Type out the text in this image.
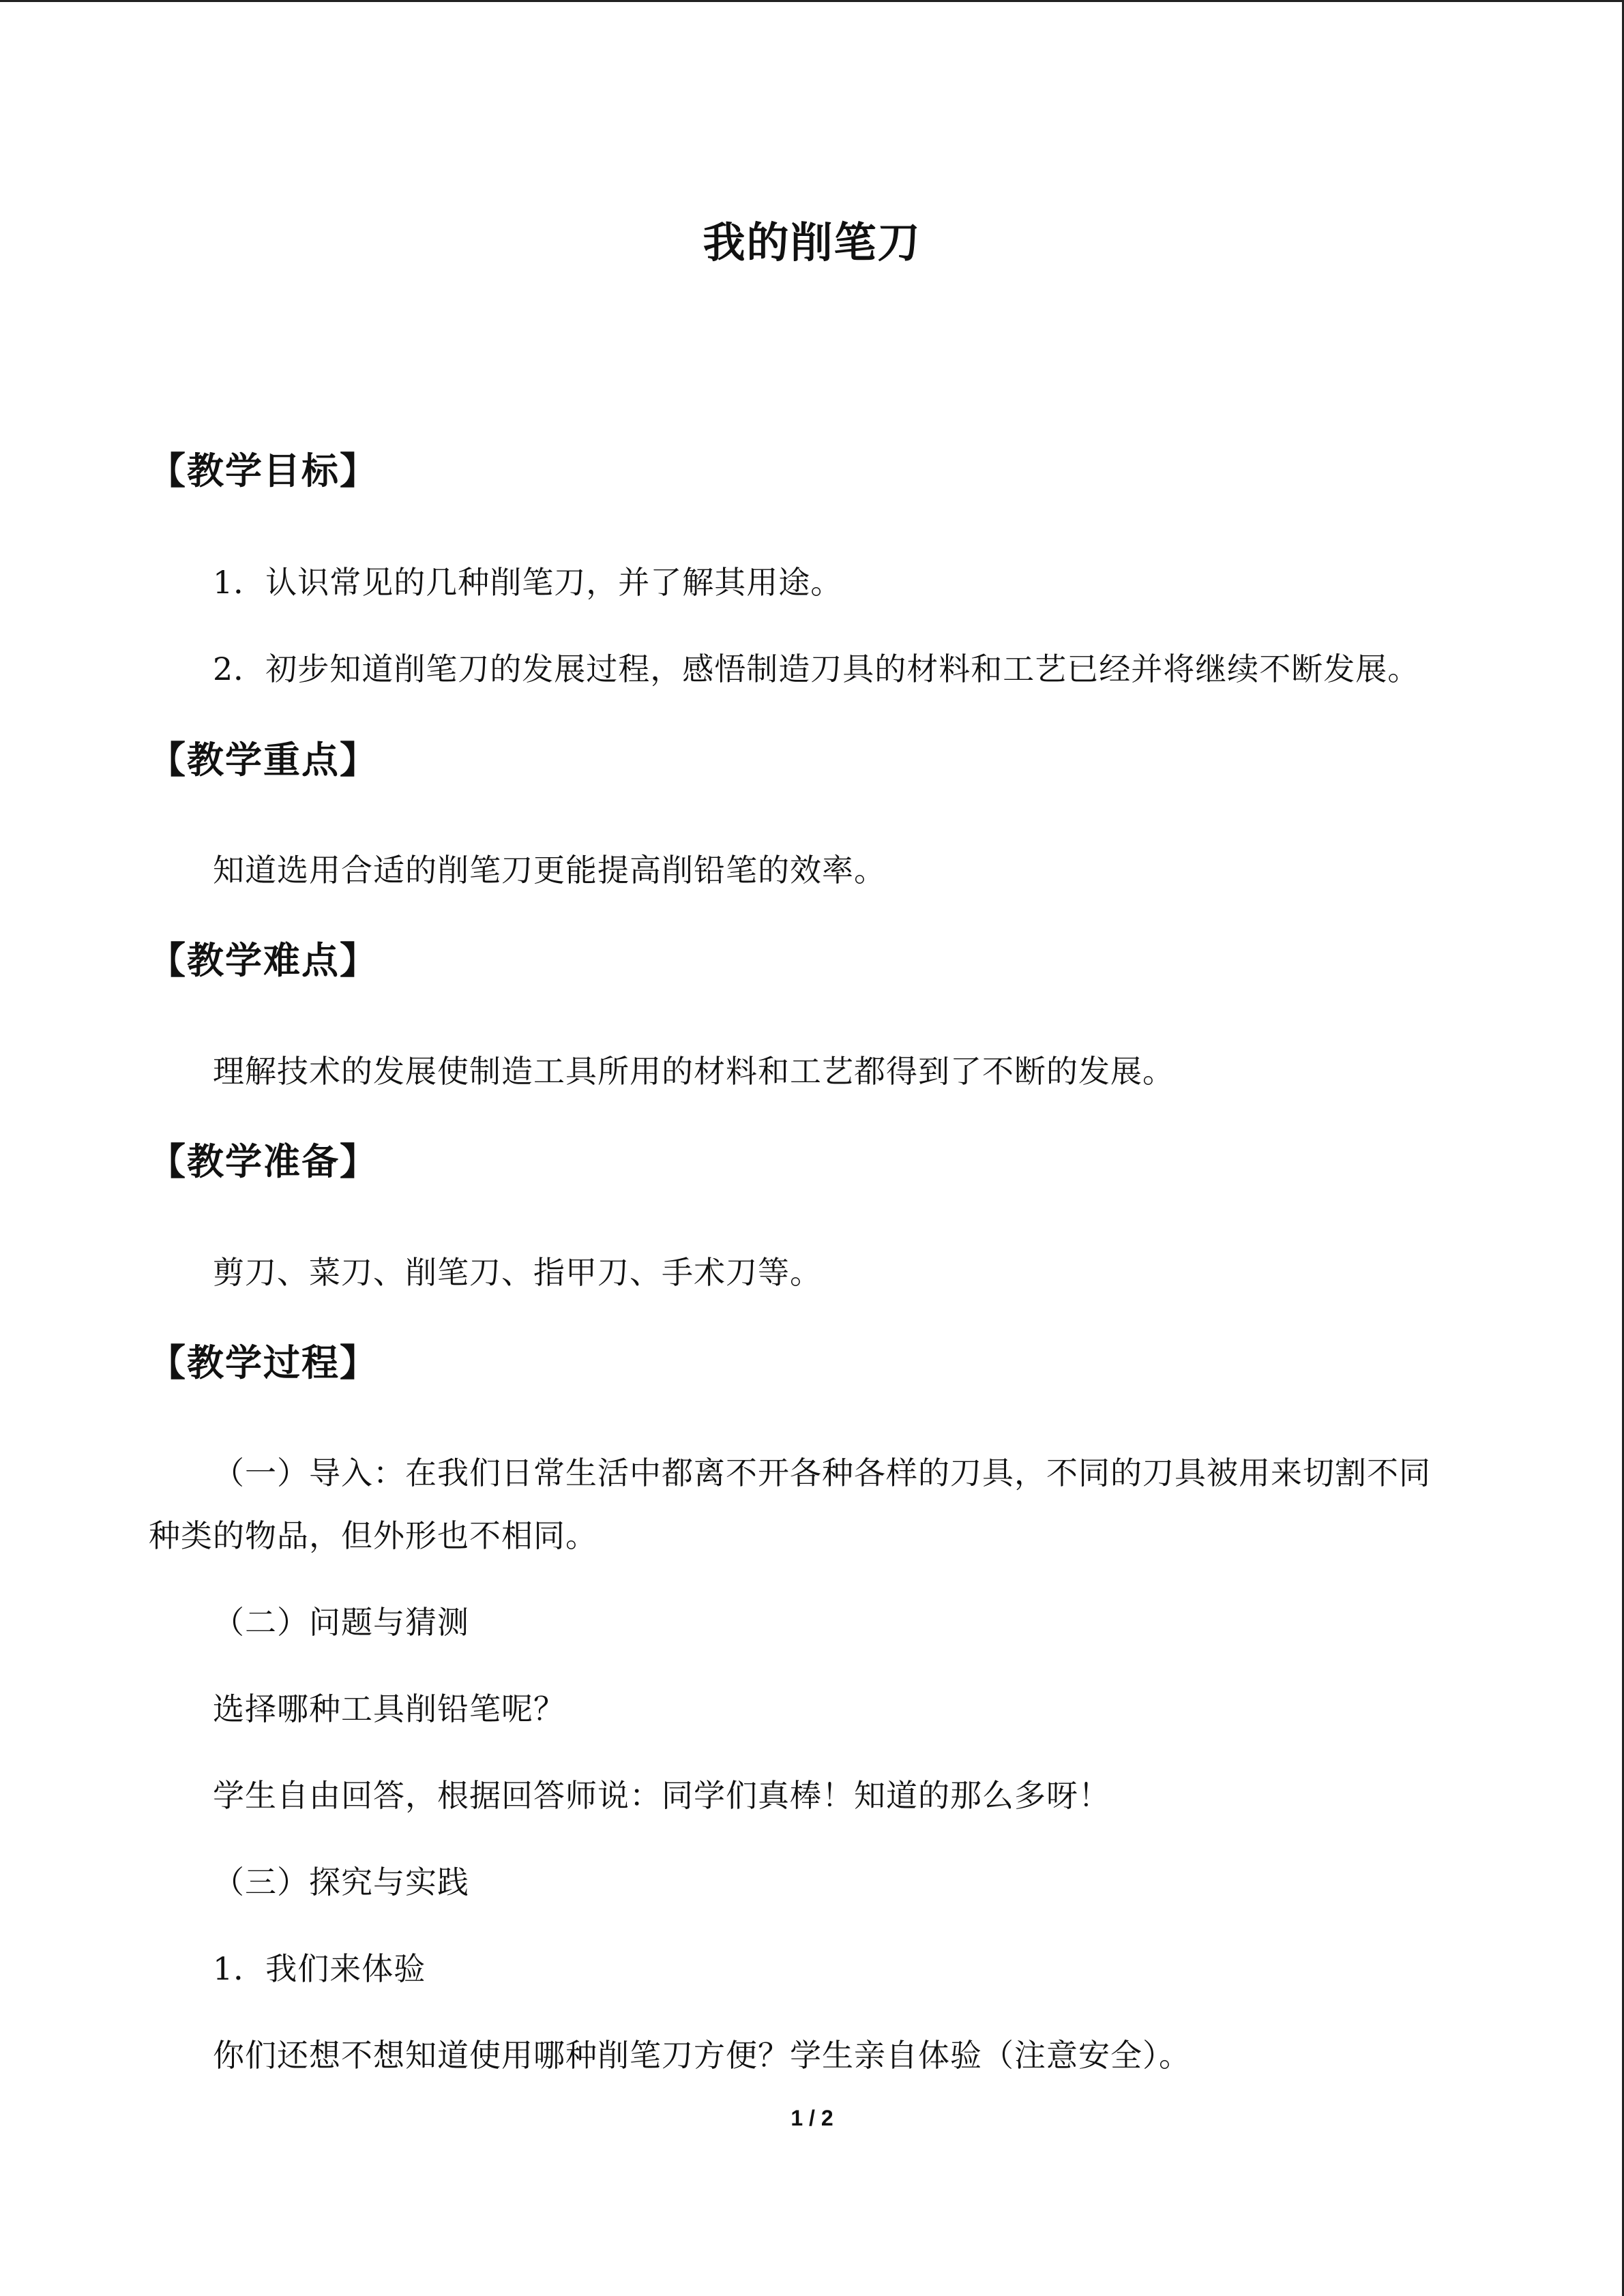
我的削笔刀
【教学目标】
1．认识常见的几种削笔刀，并了解其用途。
2．初步知道削笔刀的发展过程，感悟制造刀具的材料和工艺已经并将继续不断发展。
【教学重点】
知道选用合适的削笔刀更能提高削铅笔的效率。
【教学难点】
理解技术的发展使制造工具所用的材料和工艺都得到了不断的发展。
【教学准备】
剪刀、菜刀、削笔刀、指甲刀、手术刀等。
【教学过程】
（一）导入：在我们日常生活中都离不开各种各样的刀具，不同的刀具被用来切割不同
种类的物品，但外形也不相同。
（二）问题与猜测
选择哪种工具削铅笔呢？
学生自由回答，根据回答师说：同学们真棒！知道的那么多呀！
（三）探究与实践
1．我们来体验
你们还想不想知道使用哪种削笔刀方便？学生亲自体验（注意安全）。
1 / 2
